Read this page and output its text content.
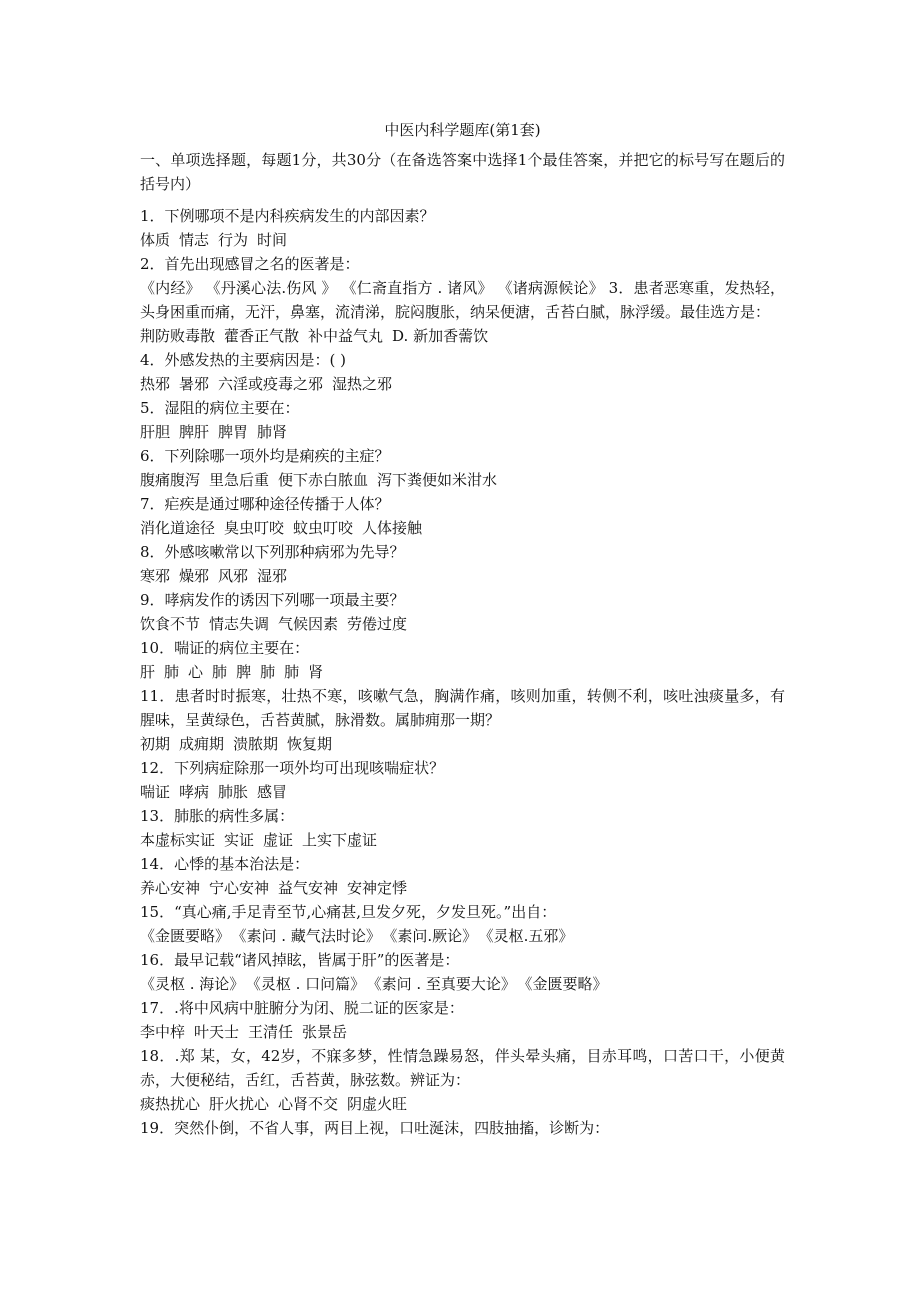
中医内科学题库(第1套)
一、单项选择题，每题1分，共30分（在备选答案中选择1个最佳答案，并把它的标号写在题后的括号内）
1．下例哪项不是内科疾病发生的内部因素？
体质 情志 行为 时间
2．首先出现感冒之名的医著是：
《内经》 《丹溪心法.伤风 》 《仁斋直指方 . 诸风》 《诸病源候论》 3．患者恶寒重，发热轻，头身困重而痛，无汗，鼻塞，流清涕，脘闷腹胀，纳呆便溏，舌苔白腻，脉浮缓。最佳选方是：
荆防败毒散 藿香正气散 补中益气丸 D. 新加香薷饮
4．外感发热的主要病因是：( )
热邪 暑邪 六淫或疫毒之邪 湿热之邪
5．湿阻的病位主要在：
肝胆 脾肝 脾胃 肺肾
6．下列除哪一项外均是痢疾的主症？
腹痛腹泻 里急后重 便下赤白脓血 泻下粪便如米泔水
7．疟疾是通过哪种途径传播于人体？
消化道途径 臭虫叮咬 蚊虫叮咬 人体接触
8．外感咳嗽常以下列那种病邪为先导？
寒邪 燥邪 风邪 湿邪
9．哮病发作的诱因下列哪一项最主要？
饮食不节 情志失调 气候因素 劳倦过度
10．喘证的病位主要在：
肝 肺 心 肺 脾 肺 肺 肾
11．患者时时振寒，壮热不寒，咳嗽气急，胸满作痛，咳则加重，转侧不利，咳吐浊痰量多，有腥味，呈黄绿色，舌苔黄腻，脉滑数。属肺痈那一期？
初期 成痈期 溃脓期 恢复期
12．下列病症除那一项外均可出现咳喘症状？
喘证 哮病 肺胀 感冒
13．肺胀的病性多属：
本虚标实证 实证 虚证 上实下虚证
14．心悸的基本治法是：
养心安神 宁心安神 益气安神 安神定悸
15．“真心痛,手足青至节,心痛甚,旦发夕死，夕发旦死。”出自：
《金匮要略》 《素问 . 藏气法时论》 《素问.厥论》 《灵枢.五邪》
16．最早记载“诸风掉眩，皆属于肝”的医著是：
《灵枢 . 海论》 《灵枢 . 口问篇》 《素问 . 至真要大论》 《金匮要略》
17．.将中风病中脏腑分为闭、脱二证的医家是：
李中梓 叶天士 王清任 张景岳
18．.郑 某，女，42岁，不寐多梦，性情急躁易怒，伴头晕头痛，目赤耳鸣，口苦口干，小便黄赤，大便秘结，舌红，舌苔黄，脉弦数。辨证为：
痰热扰心 肝火扰心 心肾不交 阴虚火旺
19．突然仆倒，不省人事，两目上视，口吐涎沫，四肢抽搐，诊断为：
